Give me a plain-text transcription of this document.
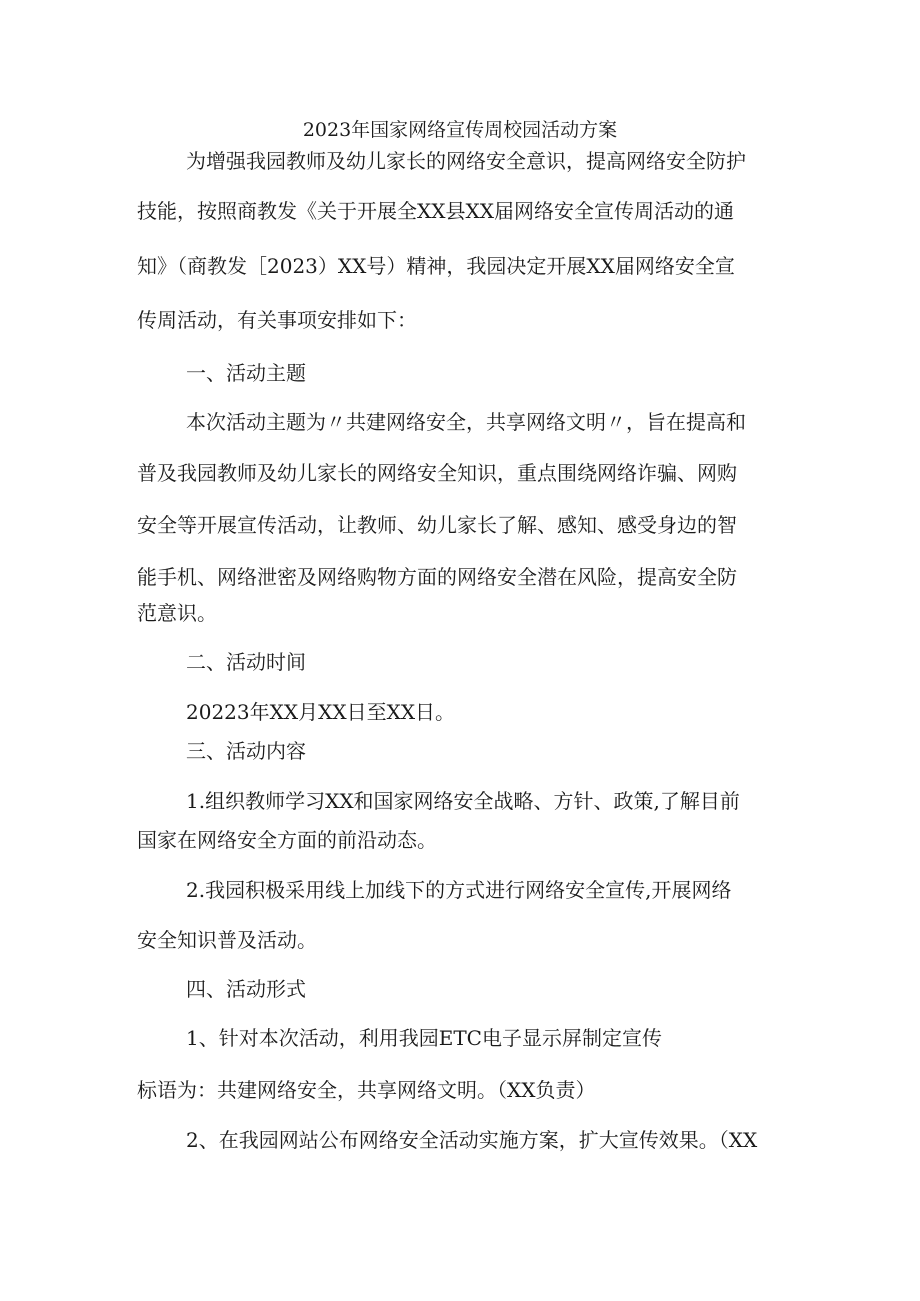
2023年国家网络宣传周校园活动方案
为增强我园教师及幼儿家长的网络安全意识，提高网络安全防护
技能，按照商教发《关于开展全XX县XX届网络安全宣传周活动的通
知》（商教发［2023）XX号）精神，我园决定开展XX届网络安全宣
传周活动，有关事项安排如下：
一、活动主题
本次活动主题为〃共建网络安全，共享网络文明〃，旨在提高和
普及我园教师及幼儿家长的网络安全知识，重点围绕网络诈骗、网购
安全等开展宣传活动，让教师、幼儿家长了解、感知、感受身边的智
能手机、网络泄密及网络购物方面的网络安全潜在风险，提高安全防
范意识。
二、活动时间
20223年XX月XX日至XX日。
三、活动内容
1.组织教师学习XX和国家网络安全战略、方针、政策,了解目前
国家在网络安全方面的前沿动态。
2.我园积极采用线上加线下的方式进行网络安全宣传,开展网络
安全知识普及活动。
四、活动形式
1、针对本次活动，利用我园ETC电子显示屏制定宣传
标语为：共建网络安全，共享网络文明。（XX负责）
2、在我园网站公布网络安全活动实施方案，扩大宣传效果。（XX
